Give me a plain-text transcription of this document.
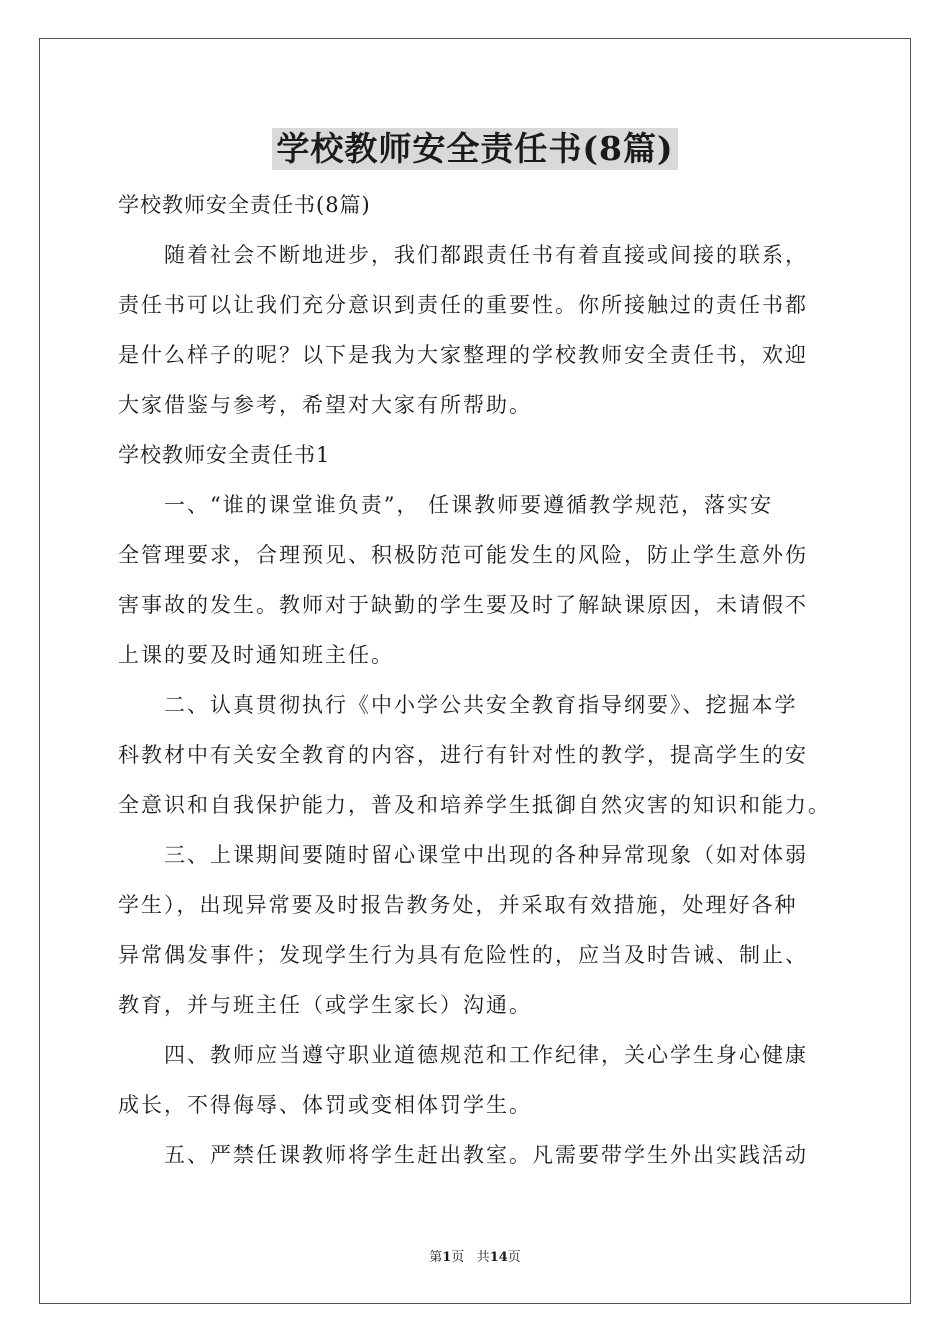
学校教师安全责任书(8篇)
学校教师安全责任书(8篇)
随着社会不断地进步，我们都跟责任书有着直接或间接的联系，
责任书可以让我们充分意识到责任的重要性。你所接触过的责任书都
是什么样子的呢？以下是我为大家整理的学校教师安全责任书，欢迎
大家借鉴与参考，希望对大家有所帮助。
学校教师安全责任书1
一、“谁的课堂谁负责”， 任课教师要遵循教学规范，落实安
全管理要求，合理预见、积极防范可能发生的风险，防止学生意外伤
害事故的发生。教师对于缺勤的学生要及时了解缺课原因，未请假不
上课的要及时通知班主任。
二、认真贯彻执行《中小学公共安全教育指导纲要》、挖掘本学
科教材中有关安全教育的内容，进行有针对性的教学，提高学生的安
全意识和自我保护能力，普及和培养学生抵御自然灾害的知识和能力。
三、上课期间要随时留心课堂中出现的各种异常现象（如对体弱
学生），出现异常要及时报告教务处，并采取有效措施，处理好各种
异常偶发事件；发现学生行为具有危险性的，应当及时告诫、制止、
教育，并与班主任（或学生家长）沟通。
四、教师应当遵守职业道德规范和工作纪律，关心学生身心健康
成长，不得侮辱、体罚或变相体罚学生。
五、严禁任课教师将学生赶出教室。凡需要带学生外出实践活动
第1页 共14页
